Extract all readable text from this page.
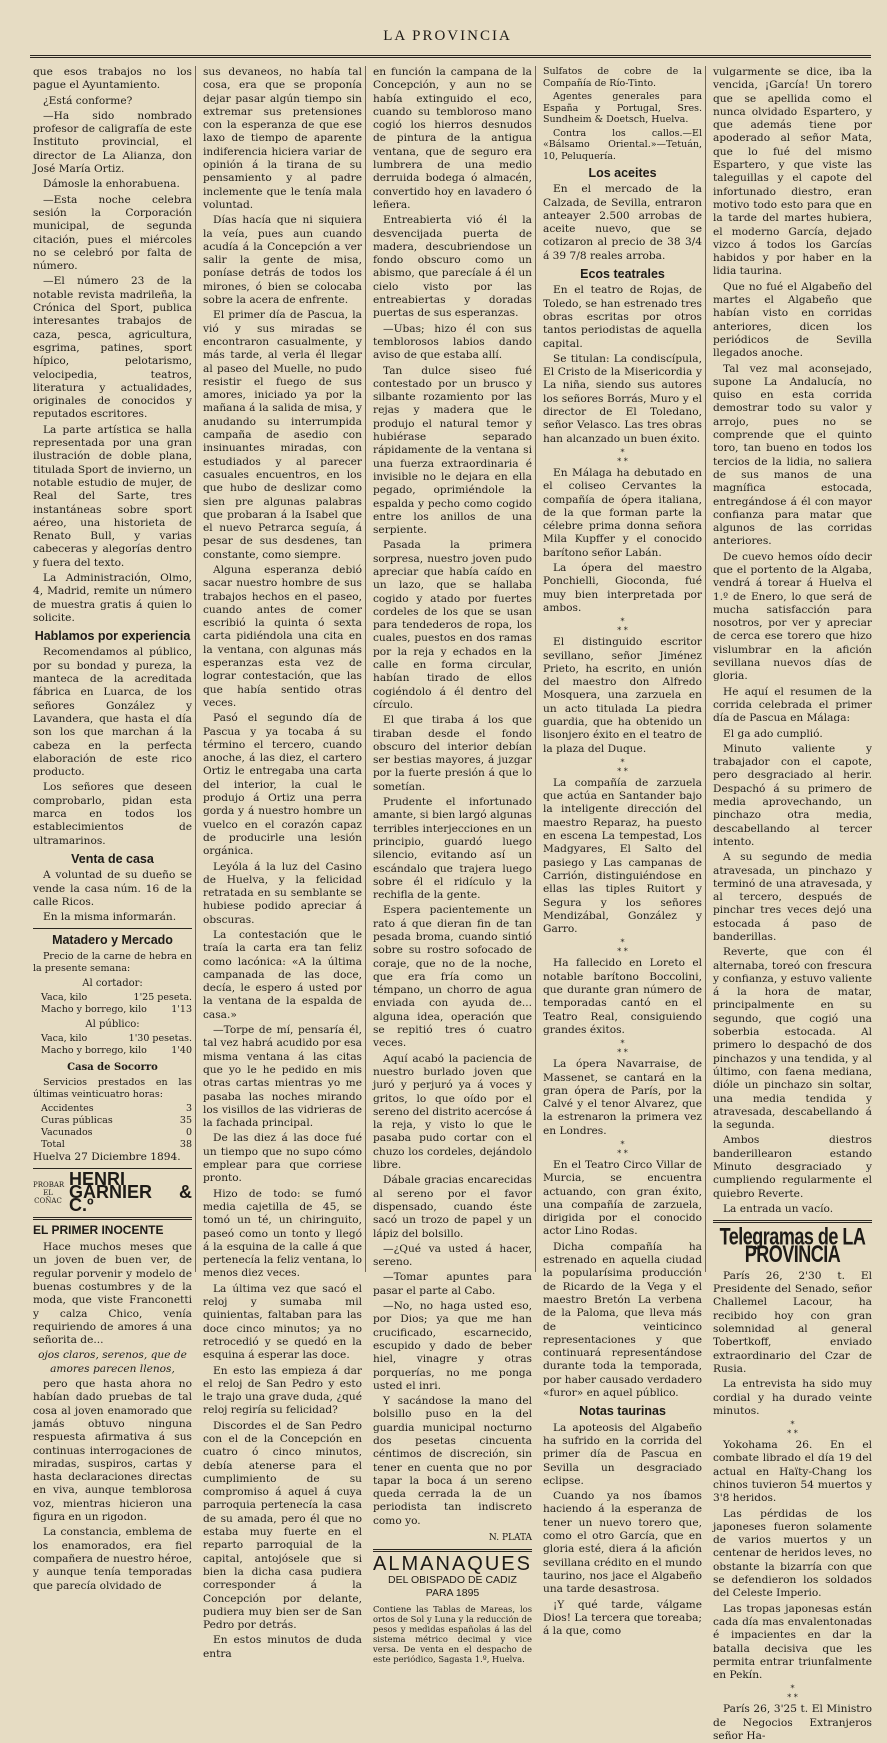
LA PROVINCIA

que esos trabajos no los pague el Ayuntamiento.

¿Está conforme?

—Ha sido nombrado profesor de caligrafía de este Instituto provincial, el director de La Alianza, don José María Ortiz.

Dámosle la enhorabuena.

—Esta noche celebra sesión la Corporación municipal, de segunda citación, pues el miércoles no se celebró por falta de número.

—El número 23 de la notable revista madrileña, la Crónica del Sport, publica interesantes trabajos de caza, pesca, agricultura, esgrima, patines, sport hípico, pelotarismo, velocipedia, teatros, literatura y actualidades, originales de conocidos y reputados escritores.

La parte artística se halla representada por una gran ilustración de doble plana, titulada Sport de invierno, un notable estudio de mujer, de Real del Sarte, tres instantáneas sobre sport aéreo, una historieta de Renato Bull, y varias cabeceras y alegorías dentro y fuera del texto.

La Administración, Olmo, 4, Madrid, remite un número de muestra gratis á quien lo solicite.

Hablamos por experiencia

Recomendamos al público, por su bondad y pureza, la manteca de la acreditada fábrica en Luarca, de los señores González y Lavandera, que hasta el día son los que marchan á la cabeza en la perfecta elaboración de este rico producto.

Los señores que deseen comprobarlo, pidan esta marca en todos los establecimientos de ultramarinos.

Venta de casa

A voluntad de su dueño se vende la casa núm. 16 de la calle Ricos.

En la misma informarán.

Matadero y Mercado

Precio de la carne de hebra en la presente semana:

Al cortador:
Vaca, kilo	1'25 peseta.
Macho y borrego, kilo	1'13
Al público:
Vaca, kilo	1'30 pesetas.
Macho y borrego, kilo	1'40
Casa de Socorro

Servicios prestados en las últimas veinticuatro horas:

Accidentes	3
Curas públicas	35
Vacunados	0
Total	38

Huelva 27 Diciembre 1894.

PROBAR EL COÑAC
HENRI GARNIER & C.º
EL PRIMER INOCENTE

Hace muchos meses que un joven de buen ver, de regular porvenir y modelo de buenas costumbres y de la moda, que viste Franconetti y calza Chico, venía requiriendo de amores á una señorita de...

ojos claros, serenos, que de amores parecen llenos,

pero que hasta ahora no habían dado pruebas de tal cosa al joven enamorado que jamás obtuvo ninguna respuesta afirmativa á sus continuas interrogaciones de miradas, suspiros, cartas y hasta declaraciones directas en viva, aunque temblorosa voz, mientras hicieron una figura en un rigodon.

La constancia, emblema de los enamorados, era fiel compañera de nuestro héroe, y aunque tenía temporadas que parecía olvidado de

sus devaneos, no había tal cosa, era que se proponía dejar pasar algún tiempo sin extremar sus pretensiones con la esperanza de que ese laxo de tiempo de aparente indiferencia hiciera variar de opinión á la tirana de su pensamiento y al padre inclemente que le tenía mala voluntad.

Días hacía que ni siquiera la veía, pues aun cuando acudía á la Concepción a ver salir la gente de misa, poníase detrás de todos los mirones, ó bien se colocaba sobre la acera de enfrente.

El primer día de Pascua, la vió y sus miradas se encontraron casualmente, y más tarde, al verla él llegar al paseo del Muelle, no pudo resistir el fuego de sus amores, iniciado ya por la mañana á la salida de misa, y anudando su interrumpida campaña de asedio con insinuantes miradas, con estudiados y al parecer casuales encuentros, en los que hubo de deslizar como sien pre algunas palabras que probaran á la Isabel que el nuevo Petrarca seguía, á pesar de sus desdenes, tan constante, como siempre.

Alguna esperanza debió sacar nuestro hombre de sus trabajos hechos en el paseo, cuando antes de comer escribió la quinta ó sexta carta pidiéndola una cita en la ventana, con algunas más esperanzas esta vez de lograr contestación, que las que había sentido otras veces.

Pasó el segundo día de Pascua y ya tocaba á su término el tercero, cuando anoche, á las diez, el cartero Ortiz le entregaba una carta del interior, la cual le produjo á Ortiz una perra gorda y á nuestro hombre un vuelco en el corazón capaz de producirle una lesión orgánica.

Leyóla á la luz del Casino de Huelva, y la felicidad retratada en su semblante se hubiese podido apreciar á obscuras.

La contestación que le traía la carta era tan feliz como lacónica: «A la última campanada de las doce, decía, le espero á usted por la ventana de la espalda de casa.»

—Torpe de mí, pensaría él, tal vez habrá acudido por esa misma ventana á las citas que yo le he pedido en mis otras cartas mientras yo me pasaba las noches mirando los visillos de las vidrieras de la fachada principal.

De las diez á las doce fué un tiempo que no supo cómo emplear para que corriese pronto.

Hizo de todo: se fumó media cajetilla de 45, se tomó un té, un chiringuito, paseó como un tonto y llegó á la esquina de la calle á que pertenecía la feliz ventana, lo menos diez veces.

La última vez que sacó el reloj y sumaba mil quinientas, faltaban para las doce cinco minutos; ya no retrocedió y se quedó en la esquina á esperar las doce.

En esto las empieza á dar el reloj de San Pedro y esto le trajo una grave duda, ¿qué reloj regiría su felicidad?

Discordes el de San Pedro con el de la Concepción en cuatro ó cinco minutos, debía atenerse para el cumplimiento de su compromiso á aquel á cuya parroquia pertenecía la casa de su amada, pero él que no estaba muy fuerte en el reparto parroquial de la capital, antojósele que si bien la dicha casa pudiera corresponder á la Concepción por delante, pudiera muy bien ser de San Pedro por detrás.

En estos minutos de duda entra

en función la campana de la Concepción, y aun no se había extinguido el eco, cuando su tembloroso mano cogió los hierros desnudos de pintura de la antigua ventana, que de seguro era lumbrera de una medio derruida bodega ó almacén, convertido hoy en lavadero ó leñera.

Entreabierta vió él la desvencijada puerta de madera, descubriendose un fondo obscuro como un abismo, que parecíale á él un cielo visto por las entreabiertas y doradas puertas de sus esperanzas.

—Ubas; hizo él con sus temblorosos labios dando aviso de que estaba allí.

Tan dulce siseo fué contestado por un brusco y silbante rozamiento por las rejas y madera que le produjo el natural temor y hubiérase separado rápidamente de la ventana si una fuerza extraordinaria é invisible no le dejara en ella pegado, oprimiéndole la espalda y pecho como cogido entre los anillos de una serpiente.

Pasada la primera sorpresa, nuestro joven pudo apreciar que había caído en un lazo, que se hallaba cogido y atado por fuertes cordeles de los que se usan para tendederos de ropa, los cuales, puestos en dos ramas por la reja y echados en la calle en forma circular, habían tirado de ellos cogiéndolo á él dentro del círculo.

El que tiraba á los que tiraban desde el fondo obscuro del interior debían ser bestias mayores, á juzgar por la fuerte presión á que lo sometían.

Prudente el infortunado amante, si bien largó algunas terribles interjecciones en un principio, guardó luego silencio, evitando así un escándalo que trajera luego sobre él el ridículo y la rechifla de la gente.

Espera pacientemente un rato á que dieran fin de tan pesada broma, cuando sintió sobre su rostro sofocado de coraje, que no de la noche, que era fría como un témpano, un chorro de agua enviada con ayuda de... alguna idea, operación que se repitió tres ó cuatro veces.

Aquí acabó la paciencia de nuestro burlado joven que juró y perjuró ya á voces y gritos, lo que oído por el sereno del distrito acercóse á la reja, y visto lo que le pasaba pudo cortar con el chuzo los cordeles, dejándolo libre.

Dábale gracias encarecidas al sereno por el favor dispensado, cuando éste sacó un trozo de papel y un lápiz del bolsillo.

—¿Qué va usted á hacer, sereno.

—Tomar apuntes para pasar el parte al Cabo.

—No, no haga usted eso, por Dios; ya que me han crucificado, escarnecido, escupido y dado de beber hiel, vinagre y otras porquerías, no me ponga usted el inri.

Y sacándose la mano del bolsillo puso en la del guardia municipal nocturno dos pesetas cincuenta céntimos de discreción, sin tener en cuenta que no por tapar la boca á un sereno queda cerrada la de un periodista tan indiscreto como yo.

N. PLATA
ALMANAQUES
DEL OBISPADO DE CADIZ PARA 1895
Contiene las Tablas de Mareas, los ortos de Sol y Luna y la reducción de pesos y medidas españolas á las del sistema métrico decimal y vice versa. De venta en el despacho de este periódico, Sagasta 1.º, Huelva.

Sulfatos de cobre de la Compañía de Río-Tinto.

Agentes generales para España y Portugal, Sres. Sundheim & Doetsch, Huelva.

Contra los callos.—El «Bálsamo Oriental.»—Tetuán, 10, Peluquería.

Los aceites

En el mercado de la Calzada, de Sevilla, entraron anteayer 2.500 arrobas de aceite nuevo, que se cotizaron al precio de 38 3/4 á 39 7/8 reales arroba.

Ecos teatrales

En el teatro de Rojas, de Toledo, se han estrenado tres obras escritas por otros tantos periodistas de aquella capital.

Se titulan: La condiscípula, El Cristo de la Misericordia y La niña, siendo sus autores los señores Borrás, Muro y el director de El Toledano, señor Velasco. Las tres obras han alcanzado un buen éxito.

*
* *

En Málaga ha debutado en el coliseo Cervantes la compañía de ópera italiana, de la que forman parte la célebre prima donna señora Mila Kupffer y el conocido barítono señor Labán.

La ópera del maestro Ponchielli, Gioconda, fué muy bien interpretada por ambos.

*
* *

El distinguido escritor sevillano, señor Jiménez Prieto, ha escrito, en unión del maestro don Alfredo Mosquera, una zarzuela en un acto titulada La piedra guardia, que ha obtenido un lisonjero éxito en el teatro de la plaza del Duque.

*
* *

La compañía de zarzuela que actúa en Santander bajo la inteligente dirección del maestro Reparaz, ha puesto en escena La tempestad, Los Madgyares, El Salto del pasiego y Las campanas de Carrión, distinguiéndose en ellas las tiples Ruitort y Segura y los señores Mendizábal, González y Garro.

*
* *

Ha fallecido en Loreto el notable barítono Boccolini, que durante gran número de temporadas cantó en el Teatro Real, consiguiendo grandes éxitos.

*
* *

La ópera Navarraise, de Massenet, se cantará en la gran ópera de París, por la Calvé y el tenor Alvarez, que la estrenaron la primera vez en Londres.

*
* *

En el Teatro Circo Villar de Murcia, se encuentra actuando, con gran éxito, una compañía de zarzuela, dirigida por el conocido actor Lino Rodas.

Dicha compañía ha estrenado en aquella ciudad la popularísima producción de Ricardo de la Vega y el maestro Bretón La verbena de la Paloma, que lleva más de veinticinco representaciones y que continuará representándose durante toda la temporada, por haber causado verdadero «furor» en aquel público.

Notas taurinas

La apoteosis del Algabeño ha sufrido en la corrida del primer día de Pascua en Sevilla un desgraciado eclipse.

Cuando ya nos íbamos haciendo á la esperanza de tener un nuevo torero que, como el otro García, que en gloria esté, diera á la afición sevillana crédito en el mundo taurino, nos jace el Algabeño una tarde desastrosa.

¡Y qué tarde, válgame Dios! La tercera que toreaba; á la que, como

vulgarmente se dice, iba la vencida, ¡García! Un torero que se apellida como el nunca olvidado Espartero, y que además tiene por apoderado al señor Mata, que lo fué del mismo Espartero, y que viste las taleguillas y el capote del infortunado diestro, eran motivo todo esto para que en la tarde del martes hubiera, el moderno García, dejado vizco á todos los Garcías habidos y por haber en la lidia taurina.

Que no fué el Algabeño del martes el Algabeño que habían visto en corridas anteriores, dicen los periódicos de Sevilla llegados anoche.

Tal vez mal aconsejado, supone La Andalucía, no quiso en esta corrida demostrar todo su valor y arrojo, pues no se comprende que el quinto toro, tan bueno en todos los tercios de la lidia, no saliera de sus manos de una magnífica estocada, entregándose á él con mayor confianza para matar que algunos de las corridas anteriores.

De cuevo hemos oído decir que el portento de la Algaba, vendrá á torear á Huelva el 1.º de Enero, lo que será de mucha satisfacción para nosotros, por ver y apreciar de cerca ese torero que hizo vislumbrar en la afición sevillana nuevos días de gloria.

He aquí el resumen de la corrida celebrada el primer día de Pascua en Málaga:

El ga ado cumplió.

Minuto valiente y trabajador con el capote, pero desgraciado al herir. Despachó á su primero de media aprovechando, un pinchazo otra media, descabellando al tercer intento.

A su segundo de media atravesada, un pinchazo y terminó de una atravesada, y al tercero, después de pinchar tres veces dejó una estocada á paso de banderillas.

Reverte, que con él alternaba, toreó con frescura y confianza, y estuvo valiente á la hora de matar, principalmente en su segundo, que cogió una soberbia estocada. Al primero lo despachó de dos pinchazos y una tendida, y al último, con faena mediana, dióle un pinchazo sin soltar, una media tendida y atravesada, descabellando á la segunda.

Ambos diestros banderillearon estando Minuto desgraciado y cumpliendo regularmente el quiebro Reverte.

La entrada un vacío.

Telegramas de LA PROVINCIA

París 26, 2'30 t. El Presidente del Senado, señor Challemel Lacour, ha recibido hoy con gran solemnidad al general Tobertkoff, enviado extraordinario del Czar de Rusia.

La entrevista ha sido muy cordial y ha durado veinte minutos.

*
* *

Yokohama 26. En el combate librado el día 19 del actual en Haïty-Chang los chinos tuvieron 54 muertos y 3'8 heridos.

Las pérdidas de los japoneses fueron solamente de varios muertos y un centenar de heridos leves, no obstante la bizarría con que se defendieron los soldados del Celeste Imperio.

Las tropas japonesas están cada día mas envalentonadas é impacientes en dar la batalla decisiva que les permita entrar triunfalmente en Pekín.

*
* *

París 26, 3'25 t. El Ministro de Negocios Extranjeros señor Ha-
